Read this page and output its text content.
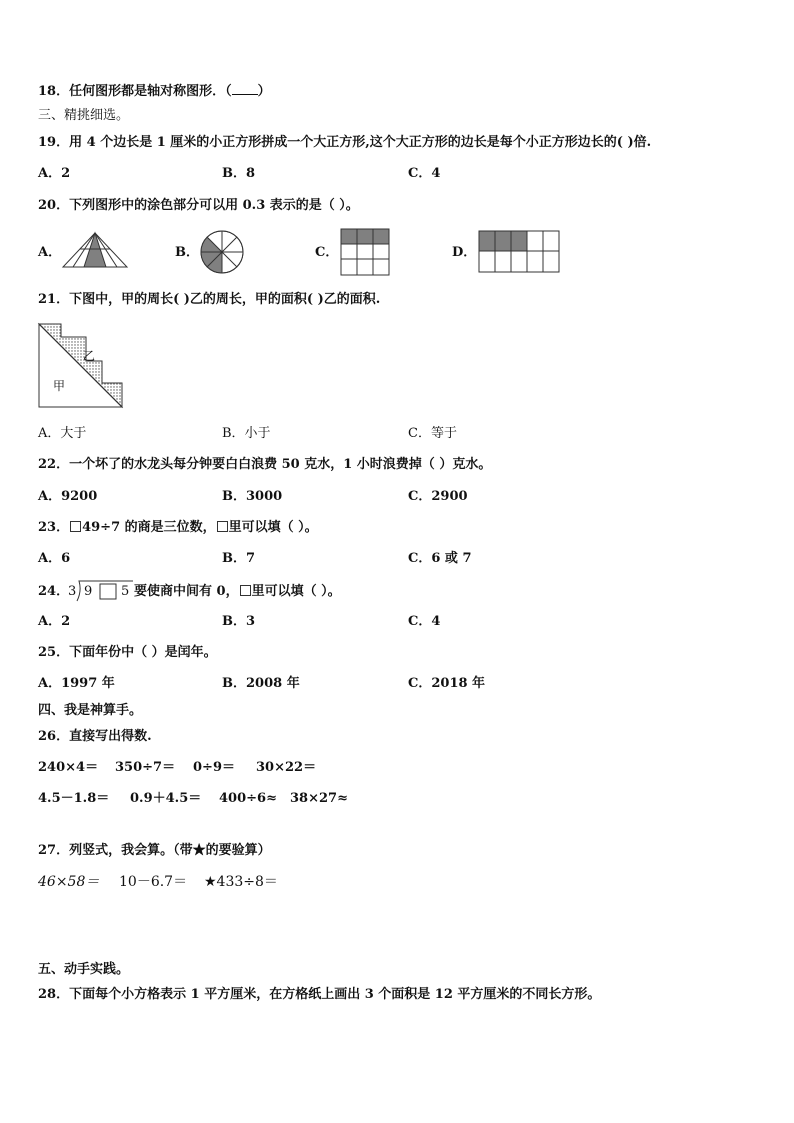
18．任何图形都是轴对称图形．（ ）
三、精挑细选。
19．用 4 个边长是 1 厘米的小正方形拼成一个大正方形,这个大正方形的边长是每个小正方形边长的( )倍.
A．2	B．8	C．4
20．下列图形中的涂色部分可以用 0.3 表示的是（ ）。
A．	B．	C．	D．
21．下图中，甲的周长( )乙的周长，甲的面积( )乙的面积.
乙
甲
A．大于	B．小于	C．等于
22．一个坏了的水龙头每分钟要白白浪费 50 克水，1 小时浪费掉（ ）克水。
A．9200	B．3000	C．2900
23． 49÷7 的商是三位数， 里可以填（ ）。
A．6	B．7	C．6 或 7
24．
3 9 5 要使商中间有 0， 里可以填（ ）。
A．2	B．3	C．4
25．下面年份中（ ）是闰年。
A．1997 年	B．2008 年	C．2018 年
四、我是神算手。
26．直接写出得数.
240×4＝ 350÷7＝ 0÷9＝ 30×22＝
4.5－1.8＝ 0.9＋4.5＝ 400÷6≈ 38×27≈
27．列竖式，我会算。（带★的要验算）
46×58＝ 10－6.7＝ ★433÷8＝
五、动手实践。
28．下面每个小方格表示 1 平方厘米，在方格纸上画出 3 个面积是 12 平方厘米的不同长方形。
